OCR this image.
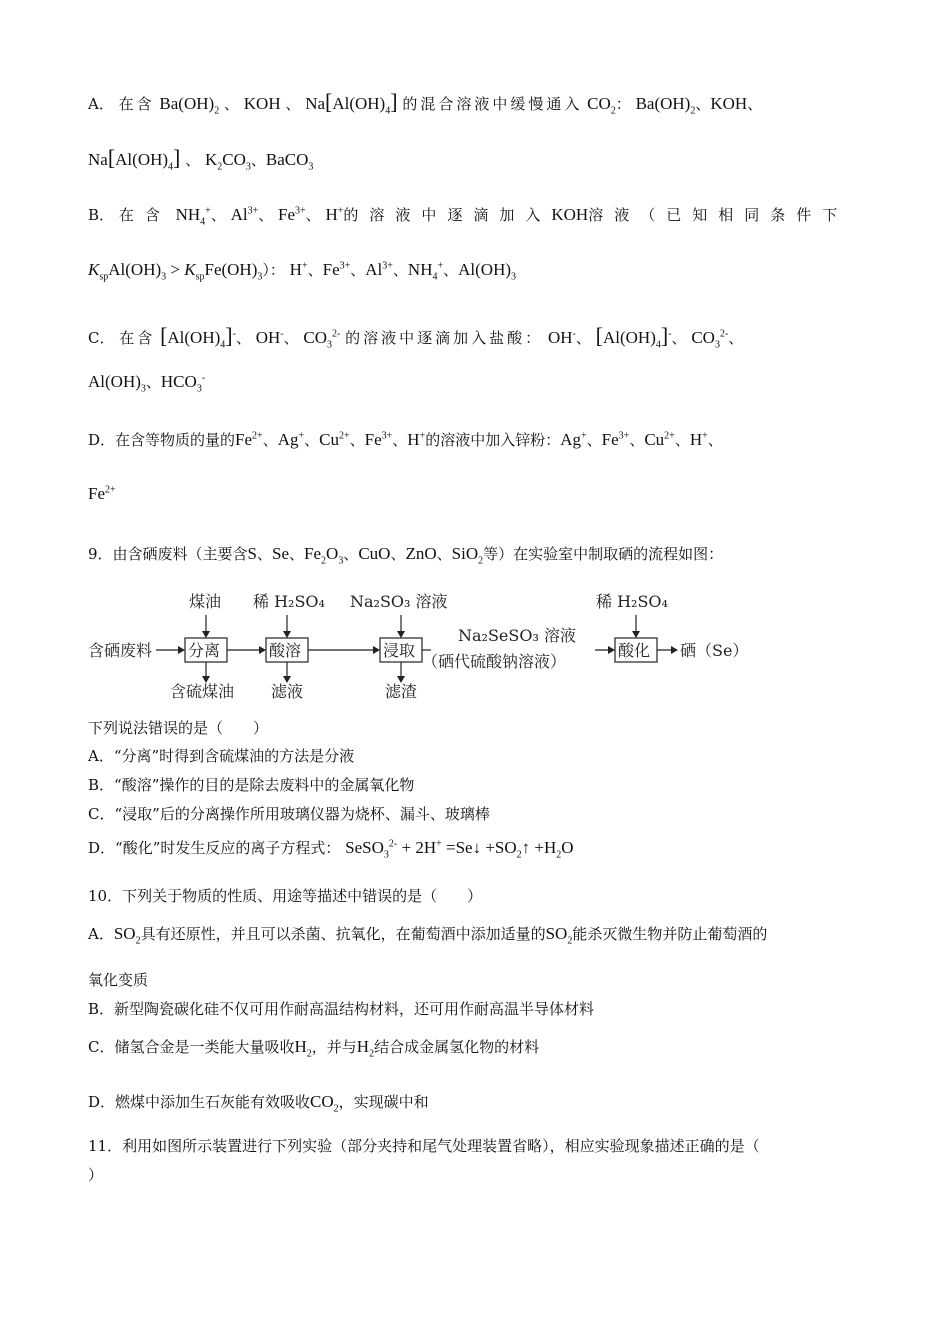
A． 在含 $Ba(OH)_2$ 、 KOH 、 $Na[Al(OH)_4]$ 的混合溶液中缓慢通入 $CO_2$： $Ba(OH)_2$、KOH、
$Na[Al(OH)_4]$ 、 $K_2CO_3$、BaCO$_3$
B． 在含 $NH_4^+$、 $Al^{3+}$、 $Fe^{3+}$、 H+的溶液中逐滴加入KOH溶液（已知相同条件下
$K_{sp}Al(OH)_3 > K_{sp}Fe(OH)_3$）： H+、$Fe^{3+}$、$Al^{3+}$、$NH_4^+$、$Al(OH)_3$
C． 在含 $[Al(OH)_4]^-$、 OH-、 $CO_3^{2-}$ 的溶液中逐滴加入盐酸： OH-、 $[Al(OH)_4]^-$、 $CO_3^{2-}$、
$Al(OH)_3$、$HCO_3^-$
D．在含等物质的量的$Fe^{2+}$、Ag+、$Cu^{2+}$、$Fe^{3+}$、H+的溶液中加入锌粉：Ag+、$Fe^{3+}$、$Cu^{2+}$、H+、
$Fe^{2+}$
9．由含硒废料（主要含S、Se、$Fe_2O_3$、CuO、ZnO、SiO$_2$等）在实验室中制取硒的流程如图：
含硒废料 分离
煤油
含硫煤油
酸溶
稀 H₂SO₄
滤液
浸取
Na₂SO₃ 溶液
滤渣
Na₂SeSO₃ 溶液
（硒代硫酸钠溶液）
酸化
稀 H₂SO₄
硒（Se）
下列说法错误的是（　　）
A．“分离”时得到含硫煤油的方法是分液
B．“酸溶”操作的目的是除去废料中的金属氧化物
C．“浸取”后的分离操作所用玻璃仪器为烧杯、漏斗、玻璃棒
D．“酸化”时发生反应的离子方程式： SeSO$_3^{2-}$ + 2H+ =Se↓ $+SO_2↑ +H_2O$
10．下列关于物质的性质、用途等描述中错误的是（　　）
A．$SO_2$具有还原性，并且可以杀菌、抗氧化，在葡萄酒中添加适量的$SO_2$能杀灭微生物并防止葡萄酒的
氧化变质
B．新型陶瓷碳化硅不仅可用作耐高温结构材料，还可用作耐高温半导体材料
C．储氢合金是一类能大量吸收$H_2$，并与$H_2$结合成金属氢化物的材料
D．燃煤中添加生石灰能有效吸收$CO_2$，实现碳中和
11．利用如图所示装置进行下列实验（部分夹持和尾气处理装置省略），相应实验现象描述正确的是（
）
